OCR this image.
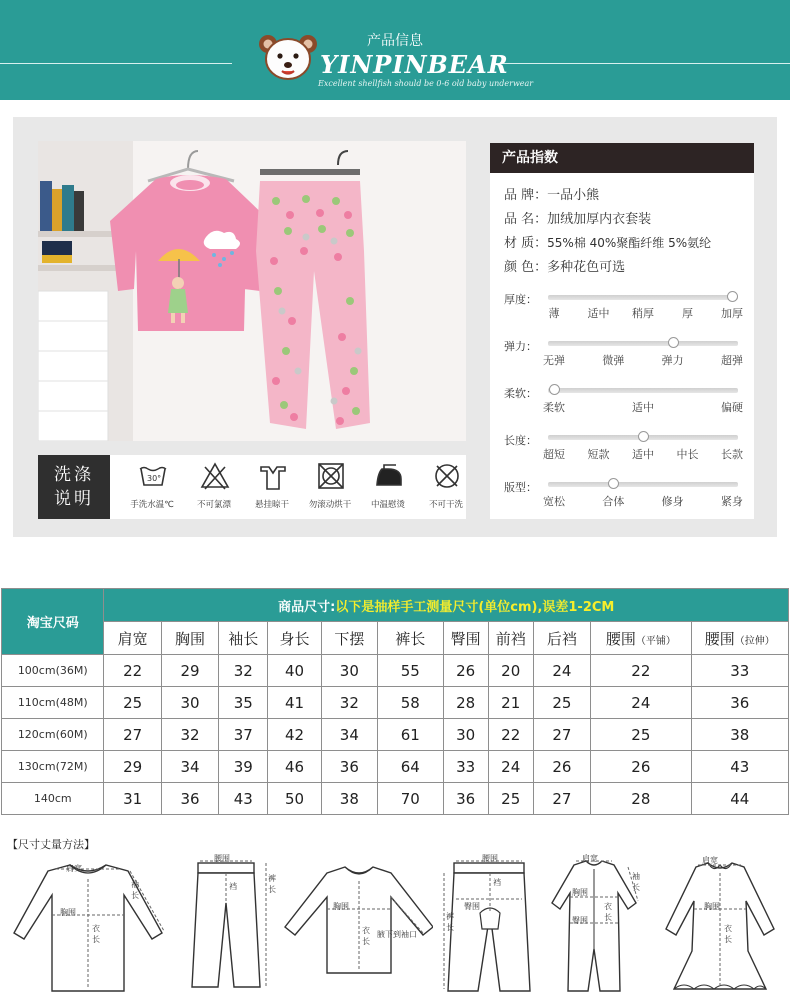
产品信息
YINPINBEAR
Excellent shellfish should be 0-6 old baby underwear
洗涤
说明
30°
手洗水温℃	不可氯漂	悬挂晾干	勿滚动烘干	中温慰烫	不可干洗
产品指数
品 牌：一品小熊
品 名：加绒加厚内衣套装
材 质：55%棉 40%聚酯纤维 5%氨纶
颜 色：多种花色可选
厚度：
薄	适中 稍厚	厚	加厚
弹力：
无弹	微弹	弹力	超弹
柔软：
柔软	适中	偏硬
长度：
超短 短款 适中 中长 长款
版型：
宽松	合体	修身	紧身
淘宝尺码	商品尺寸:以下是抽样手工测量尺寸(单位cm),误差1-2CM										
	肩宽	胸围	袖长	身长	下摆	裤长	臀围	前裆	后裆	腰围（平铺）	腰围（拉伸）
100cm(36M)	22	29	32	40	30	55	26	20	24	22	33
110cm(48M)	25	30	35	41	32	58	28	21	25	24	36
120cm(60M)	27	32	37	42	34	61	30	22	27	25	38
130cm(72M)	29	34	39	46	36	64	33	24	26	26	43
140cm	31	36	43	50	38	70	36	25	27	28	44
【尺寸丈量方法】
肩宽
袖长
胸围
衣长
腰围
裆
裤长
胸围
衣长
腋下到袖口
腰围
裆
臀围
裤长
肩宽
胸围
衣长
袖长
臀围
肩宽
胸围
衣长
